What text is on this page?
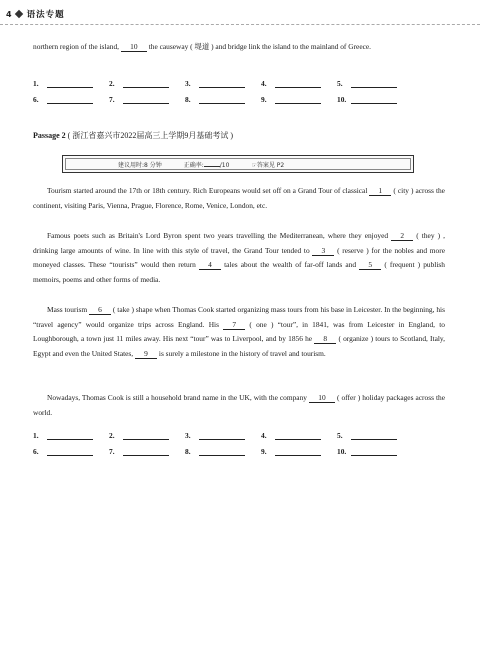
4 语法专题
northern region of the island, 10 the causeway ( 堤道 ) and bridge link the island to the mainland of Greece.
1.	2.	3.	4.	5.
6.	7.	8.	9.	10.
Passage 2 ( 浙江省嘉兴市2022届高三上学期9月基础考试 )
建议用时:8 分钟	正确率:	/10	☞答案见 P2
Tourism started around the 17th or 18th century. Rich Europeans would set off on a Grand Tour of classical 1 ( city ) across the continent, visiting Paris, Vienna, Prague, Florence, Rome, Venice, London, etc.
Famous poets such as Britain's Lord Byron spent two years travelling the Mediterranean, where they enjoyed 2 ( they ) , drinking large amounts of wine. In line with this style of travel, the Grand Tour tended to 3 ( reserve ) for the nobles and more moneyed classes. These “tourists” would then return 4 tales about the wealth of far-off lands and 5 ( frequent ) publish memoirs, poems and other forms of media.
Mass tourism 6 ( take ) shape when Thomas Cook started organizing mass tours from his base in Leicester. In the beginning, his “travel agency” would organize trips across England. His 7 ( one ) “tour”, in 1841, was from Leicester in England, to Loughborough, a town just 11 miles away. His next “tour” was to Liverpool, and by 1856 he 8 ( organize ) tours to Scotland, Italy, Egypt and even the United States, 9 is surely a milestone in the history of travel and tourism.
Nowadays, Thomas Cook is still a household brand name in the UK, with the company 10 ( offer ) holiday packages across the world.
1.	2.	3.	4.	5.
6.	7.	8.	9.	10.
